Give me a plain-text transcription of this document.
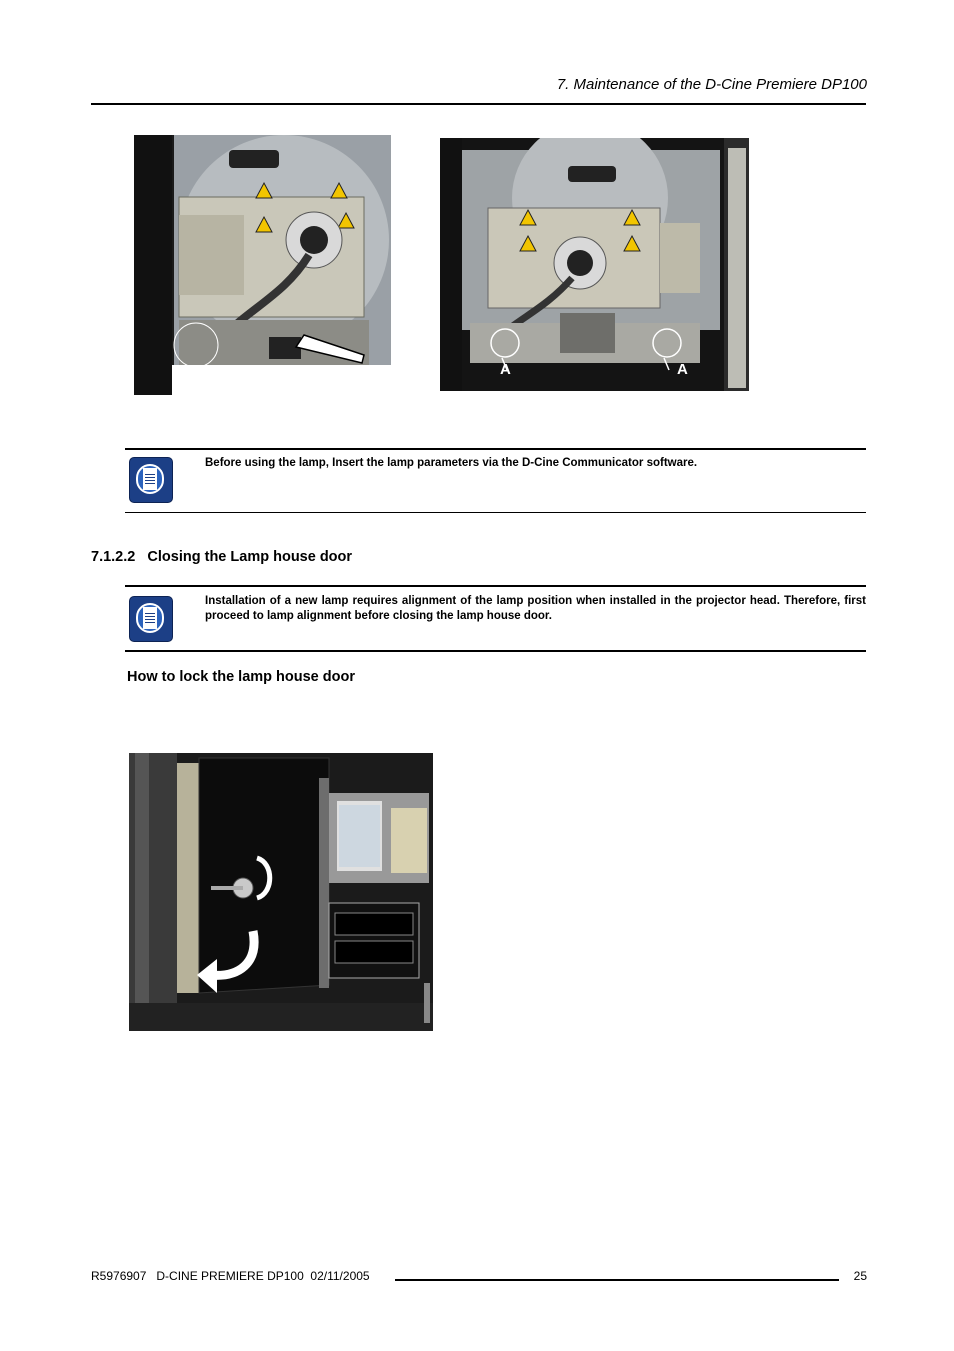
7. Maintenance of the D-Cine Premiere DP100
A	A
Before using the lamp, Insert the lamp parameters via the D-Cine Communicator software.
7.1.2.2   Closing the Lamp house door
Installation of a new lamp requires alignment of the lamp position when installed in the projector head. Therefore, first proceed to lamp alignment before closing the lamp house door.
How to lock the lamp house door
R5976907   D-CINE PREMIERE DP100  02/11/2005	25
